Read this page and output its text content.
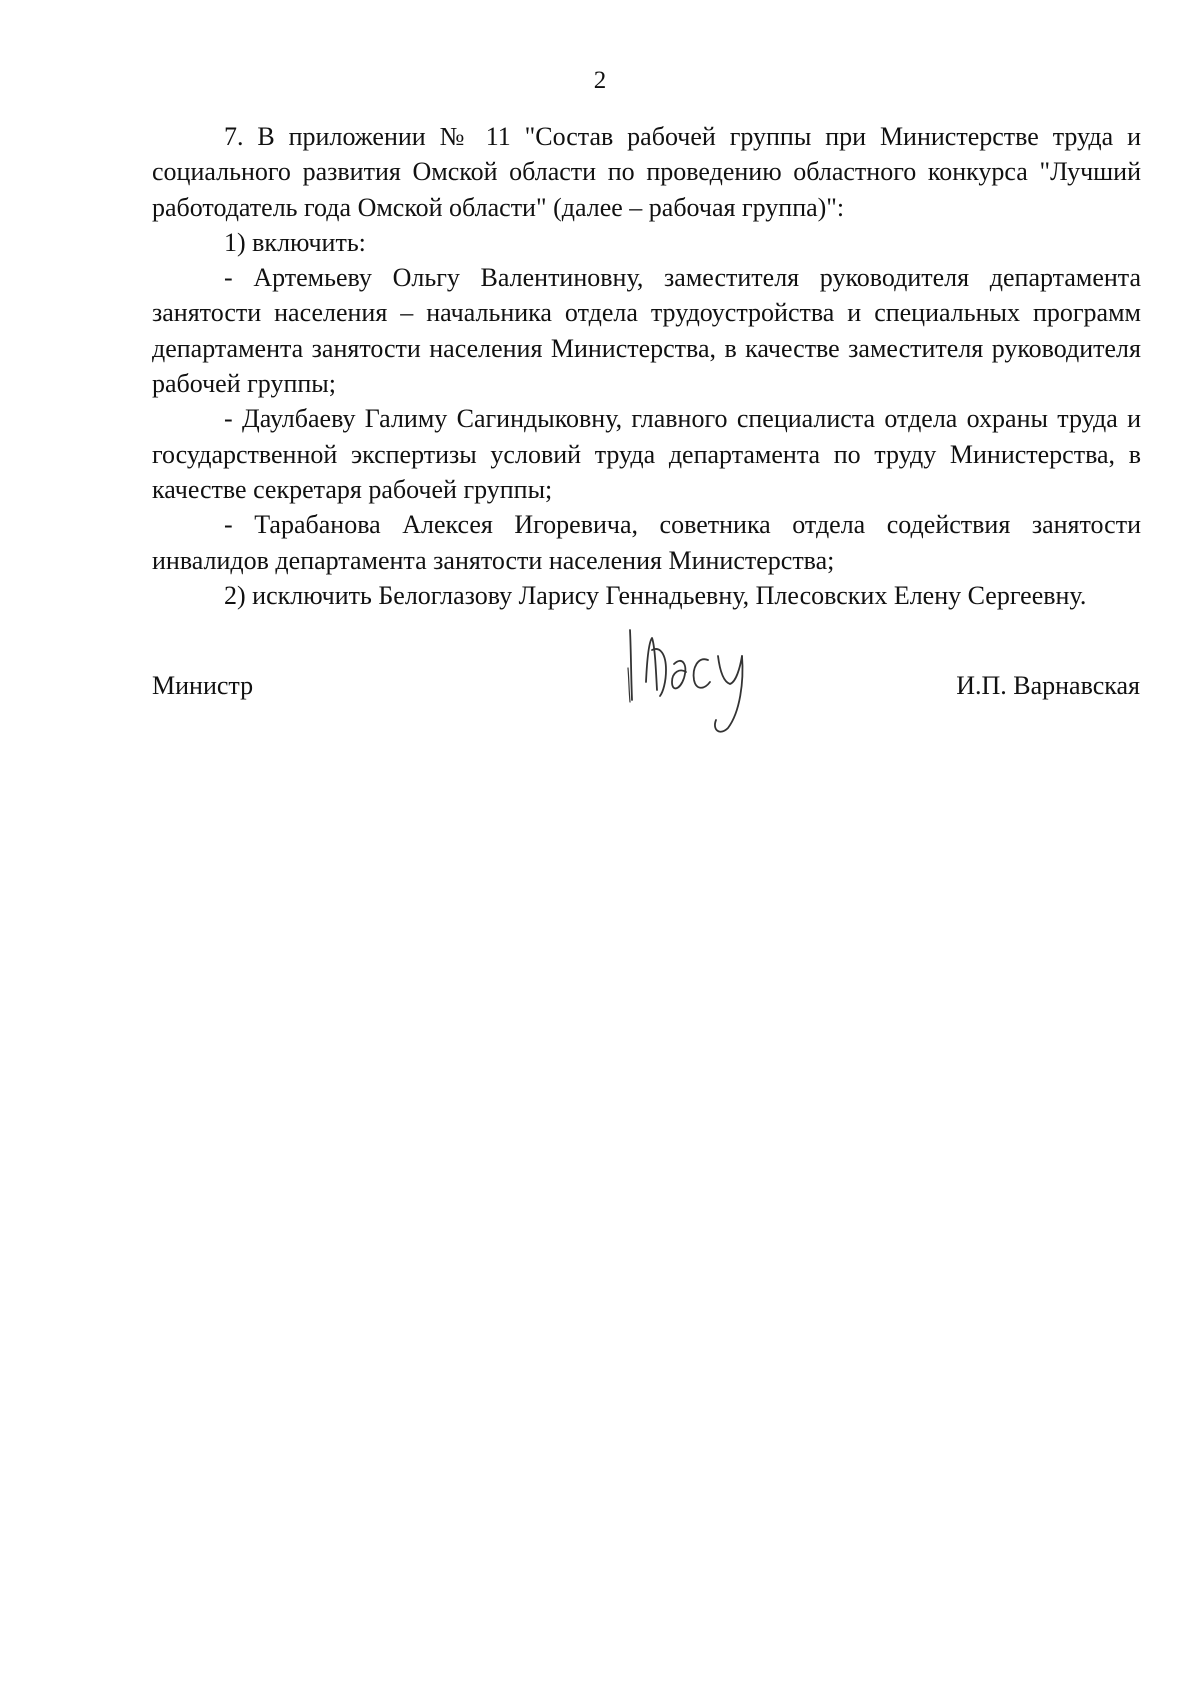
2

7. В приложении № 11 "Состав рабочей группы при Министерстве труда и социального развития Омской области по проведению областного конкурса "Лучший работодатель года Омской области" (далее – рабочая группа)":

1) включить:

- Артемьеву Ольгу Валентиновну, заместителя руководителя департамента занятости населения – начальника отдела трудоустройства и специальных программ департамента занятости населения Министерства, в качестве заместителя руководителя рабочей группы;

- Даулбаеву Галиму Сагиндыковну, главного специалиста отдела охраны труда и государственной экспертизы условий труда департамента по труду Министерства, в качестве секретаря рабочей группы;

- Тарабанова Алексея Игоревича, советника отдела содействия занятости инвалидов департамента занятости населения Министерства;

2) исключить Белоглазову Ларису Геннадьевну, Плесовских Елену Сергеевну.

Министр	И.П. Варнавская
